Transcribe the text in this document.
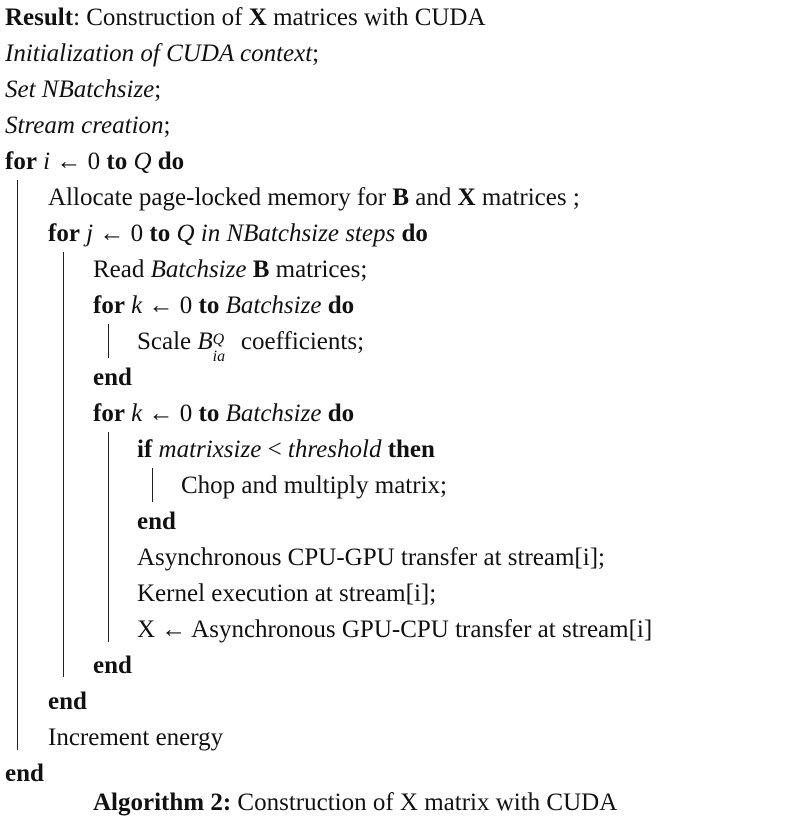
Result: Construction of X matrices with CUDA
Initialization of CUDA context;
Set NBatchsize;
Stream creation;
for i ← 0 to Q do
Allocate page-locked memory for B and X matrices ;
for j ← 0 to Q in NBatchsize steps do
Read Batchsize B matrices;
for k ← 0 to Batchsize do
Scale B Q
ia
coefficients;
end
for k ← 0 to Batchsize do
if matrixsize < threshold then
Chop and multiply matrix;
end
Asynchronous CPU-GPU transfer at stream[i];
Kernel execution at stream[i];
X ← Asynchronous GPU-CPU transfer at stream[i]
end
end
Increment energy
end
Algorithm 2: Construction of X matrix with CUDA
